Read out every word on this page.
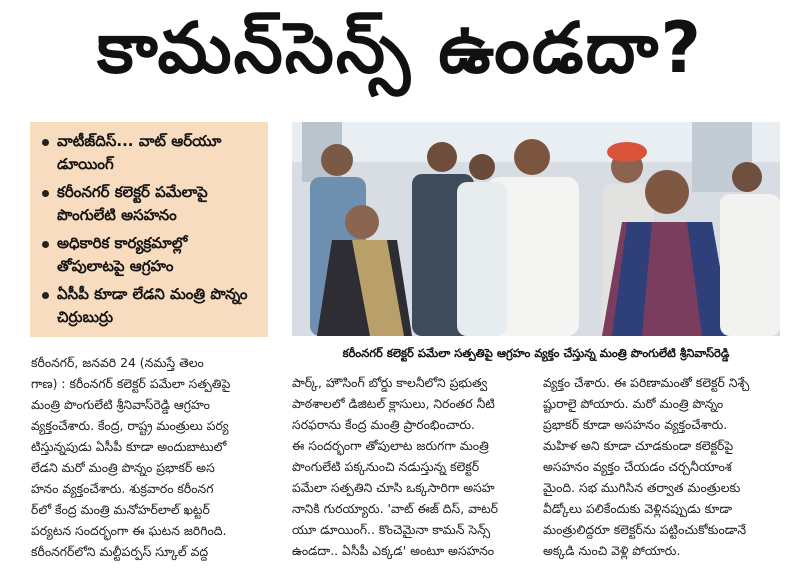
కామన్‌సెన్స్ ఉండదా?
వాటీజ్‌దిస్... వాట్ ఆర్‌యూ డూయింగ్
కరీంనగర్ కలెక్టర్ పమేలాపై పొంగులేటి అసహనం
అధికారిక కార్యక్రమాల్లో తోపులాటపై ఆగ్రహం
ఏసీపీ కూడా లేడని మంత్రి పొన్నం చిర్రుబుర్రు
కరీంనగర్ కలెక్టర్ పమేలా సత్పతిపై ఆగ్రహం వ్యక్తం చేస్తున్న మంత్రి పొంగులేటి శ్రీనివాస్‌రెడ్డి
కరీంనగర్, జనవరి 24 (నమస్తే తెలం
గాణ) : కరీంనగర్ కలెక్టర్ పమేలా సత్పతిపై
మంత్రి పొంగులేటి శ్రీనివాస్‌రెడ్డి ఆగ్రహం
వ్యక్తంచేశారు. కేంద్ర, రాష్ట్ర మంత్రులు పర్య
టిస్తున్నపుడు ఏసీపీ కూడా అందుబాటులో
లేడని మరో మంత్రి పొన్నం ప్రభాకర్ అస
హనం వ్యక్తంచేశారు. శుక్రవారం కరీంనగ
ర్‌లో కేంద్ర మంత్రి మనోహర్‌లాల్ ఖట్టర్
పర్యటన సందర్భంగా ఈ ఘటన జరిగింది.
కరీంనగర్‌లోని మల్టీపర్పస్ స్కూల్ వద్ద
పార్క్, హౌసింగ్ బోర్డు కాలనీలోని ప్రభుత్వ
పాఠశాలలో డిజిటల్ క్లాసులు, నిరంతర నీటి
సరఫరాను కేంద్ర మంత్రి ప్రారంభించారు.
ఈ సందర్భంగా తోపులాట జరుగగా మంత్రి
పొంగులేటి పక్కనుంచి నడుస్తున్న కలెక్టర్
పమేలా సత్పతిని చూసి ఒక్కసారిగా అసహ
నానికి గురయ్యారు. 'వాట్ ఈజ్ దిస్, వాటర్
యూ డూయింగ్.. కొంచెమైనా కామన్ సెన్స్
ఉండదా.. ఏసీపీ ఎక్కడ' అంటూ అసహనం
వ్యక్తం చేశారు. ఈ పరిణామంతో కలెక్టర్ నిశ్చే
ష్టురాలై పోయారు. మరో మంత్రి పొన్నం
ప్రభాకర్ కూడా అసహనం వ్యక్తంచేశారు.
మహిళ అని కూడా చూడకుండా కలెక్టర్‌పై
అసహనం వ్యక్తం చేయడం చర్చనీయాంశ
మైంది. సభ ముగిసిన తర్వాత మంత్రులకు
వీడ్కోలు పలికేందుకు వెళ్లినప్పుడు కూడా
మంత్రులిద్దరూ కలెక్టర్‌ను పట్టించుకోకుండానే
అక్కడి నుంచి వెళ్లి పోయారు.
